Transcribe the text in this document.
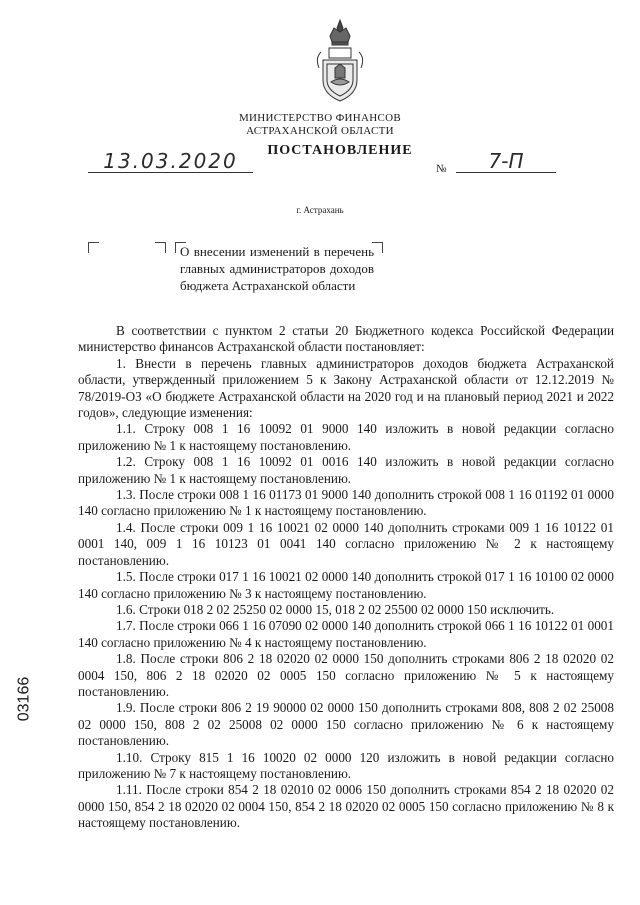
МИНИСТЕРСТВО ФИНАНСОВ
АСТРАХАНСКОЙ ОБЛАСТИ
ПОСТАНОВЛЕНИЕ
13.03.2020	№	7-П
г. Астрахань
О внесении изменений в перечень главных администраторов доходов бюджета Астраханской области

В соответствии с пунктом 2 статьи 20 Бюджетного кодекса Российской Федерации министерство финансов Астраханской области постановляет:

1. Внести в перечень главных администраторов доходов бюджета Астраханской области, утвержденный приложением 5 к Закону Астраханской области от 12.12.2019 № 78/2019-ОЗ «О бюджете Астраханской области на 2020 год и на плановый период 2021 и 2022 годов», следующие изменения:

1.1. Строку 008 1 16 10092 01 9000 140 изложить в новой редакции согласно приложению № 1 к настоящему постановлению.

1.2. Строку 008 1 16 10092 01 0016 140 изложить в новой редакции согласно приложению № 1 к настоящему постановлению.

1.3. После строки 008 1 16 01173 01 9000 140 дополнить строкой 008 1 16 01192 01 0000 140 согласно приложению № 1 к настоящему постановлению.

1.4. После строки 009 1 16 10021 02 0000 140 дополнить строками 009 1 16 10122 01 0001 140, 009 1 16 10123 01 0041 140 согласно приложению № 2 к настоящему постановлению.

1.5. После строки 017 1 16 10021 02 0000 140 дополнить строкой 017 1 16 10100 02 0000 140 согласно приложению № 3 к настоящему постановлению.

1.6. Строки 018 2 02 25250 02 0000 15, 018 2 02 25500 02 0000 150 исключить.

1.7. После строки 066 1 16 07090 02 0000 140 дополнить строкой 066 1 16 10122 01 0001 140 согласно приложению № 4 к настоящему постановлению.

1.8. После строки 806 2 18 02020 02 0000 150 дополнить строками 806 2 18 02020 02 0004 150, 806 2 18 02020 02 0005 150 согласно приложению № 5 к настоящему постановлению.

1.9. После строки 806 2 19 90000 02 0000 150 дополнить строками 808, 808 2 02 25008 02 0000 150, 808 2 02 25008 02 0000 150 согласно приложению № 6 к настоящему постановлению.

1.10. Строку 815 1 16 10020 02 0000 120 изложить в новой редакции согласно приложению № 7 к настоящему постановлению.

1.11. После строки 854 2 18 02010 02 0006 150 дополнить строками 854 2 18 02020 02 0000 150, 854 2 18 02020 02 0004 150, 854 2 18 02020 02 0005 150 согласно приложению № 8 к настоящему постановлению.

03166
